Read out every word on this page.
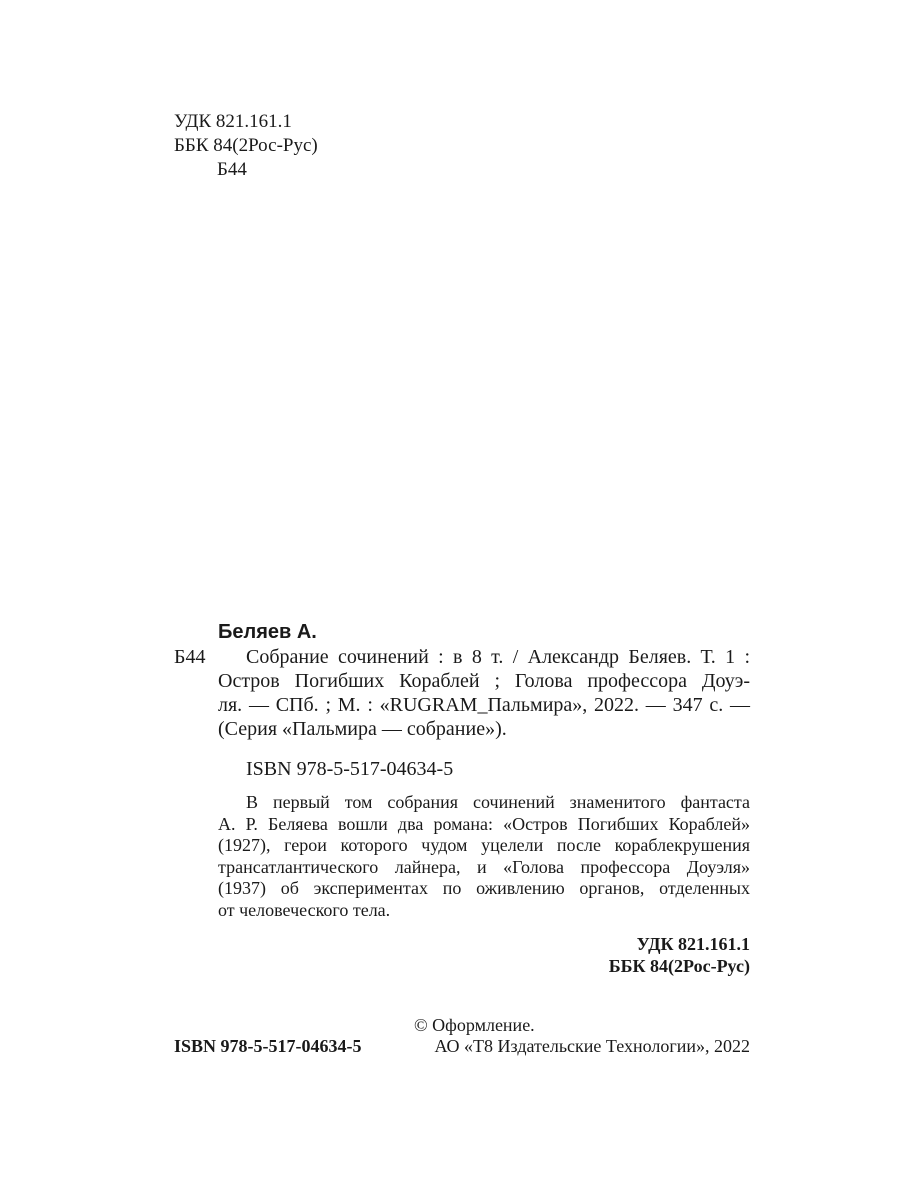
УДК 821.161.1
ББК 84(2Рос-Рус)
Б44
Беляев А.
Б44	Собрание сочинений : в 8 т. / Александр Беляев. Т. 1 :
Остров Погибших Кораблей ; Голова профессора Доуэ-
ля. — СПб. ; М. : «RUGRAM_Пальмира», 2022. — 347 с. —
(Серия «Пальмира — собрание»).
ISBN 978-5-517-04634-5
В первый том собрания сочинений знаменитого фантаста
А. Р. Беляева вошли два романа: «Остров Погибших Кораблей»
(1927), герои которого чудом уцелели после кораблекрушения
трансатлантического лайнера, и «Голова профессора Доуэля»
(1937) об экспериментах по оживлению органов, отделенных
от человеческого тела.
УДК 821.161.1
ББК 84(2Рос-Рус)
© Оформление.
ISBN 978-5-517-04634-5	АО «Т8 Издательские Технологии», 2022
